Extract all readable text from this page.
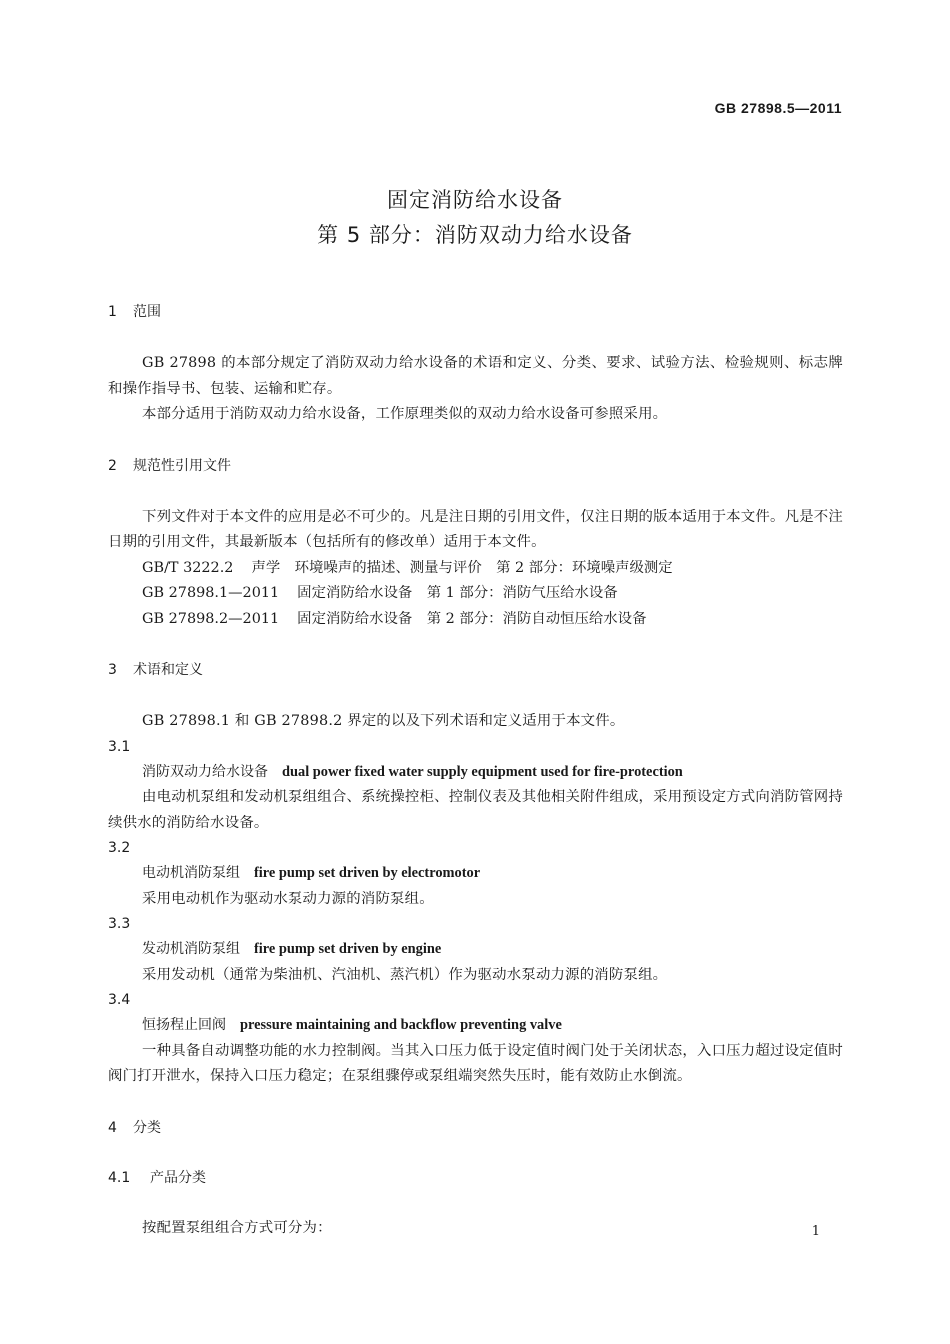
GB 27898.5—2011
固定消防给水设备
第 5 部分：消防双动力给水设备
1 范围

GB 27898 的本部分规定了消防双动力给水设备的术语和定义、分类、要求、试验方法、检验规则、标志牌和操作指导书、包装、运输和贮存。

本部分适用于消防双动力给水设备，工作原理类似的双动力给水设备可参照采用。

2 规范性引用文件

下列文件对于本文件的应用是必不可少的。凡是注日期的引用文件，仅注日期的版本适用于本文件。凡是不注日期的引用文件，其最新版本（包括所有的修改单）适用于本文件。

GB/T 3222.2 声学　环境噪声的描述、测量与评价　第 2 部分：环境噪声级测定
GB 27898.1—2011 固定消防给水设备　第 1 部分：消防气压给水设备
GB 27898.2—2011 固定消防给水设备　第 2 部分：消防自动恒压给水设备
3 术语和定义

GB 27898.1 和 GB 27898.2 界定的以及下列术语和定义适用于本文件。

3.1
消防双动力给水设备 dual power fixed water supply equipment used for fire-protection

由电动机泵组和发动机泵组组合、系统操控柜、控制仪表及其他相关附件组成，采用预设定方式向消防管网持续供水的消防给水设备。

3.2
电动机消防泵组 fire pump set driven by electromotor

采用电动机作为驱动水泵动力源的消防泵组。

3.3
发动机消防泵组 fire pump set driven by engine

采用发动机（通常为柴油机、汽油机、蒸汽机）作为驱动水泵动力源的消防泵组。

3.4
恒扬程止回阀 pressure maintaining and backflow preventing valve

一种具备自动调整功能的水力控制阀。当其入口压力低于设定值时阀门处于关闭状态，入口压力超过设定值时阀门打开泄水，保持入口压力稳定；在泵组骤停或泵组端突然失压时，能有效防止水倒流。

4 分类
4.1 产品分类

按配置泵组组合方式可分为：	1
